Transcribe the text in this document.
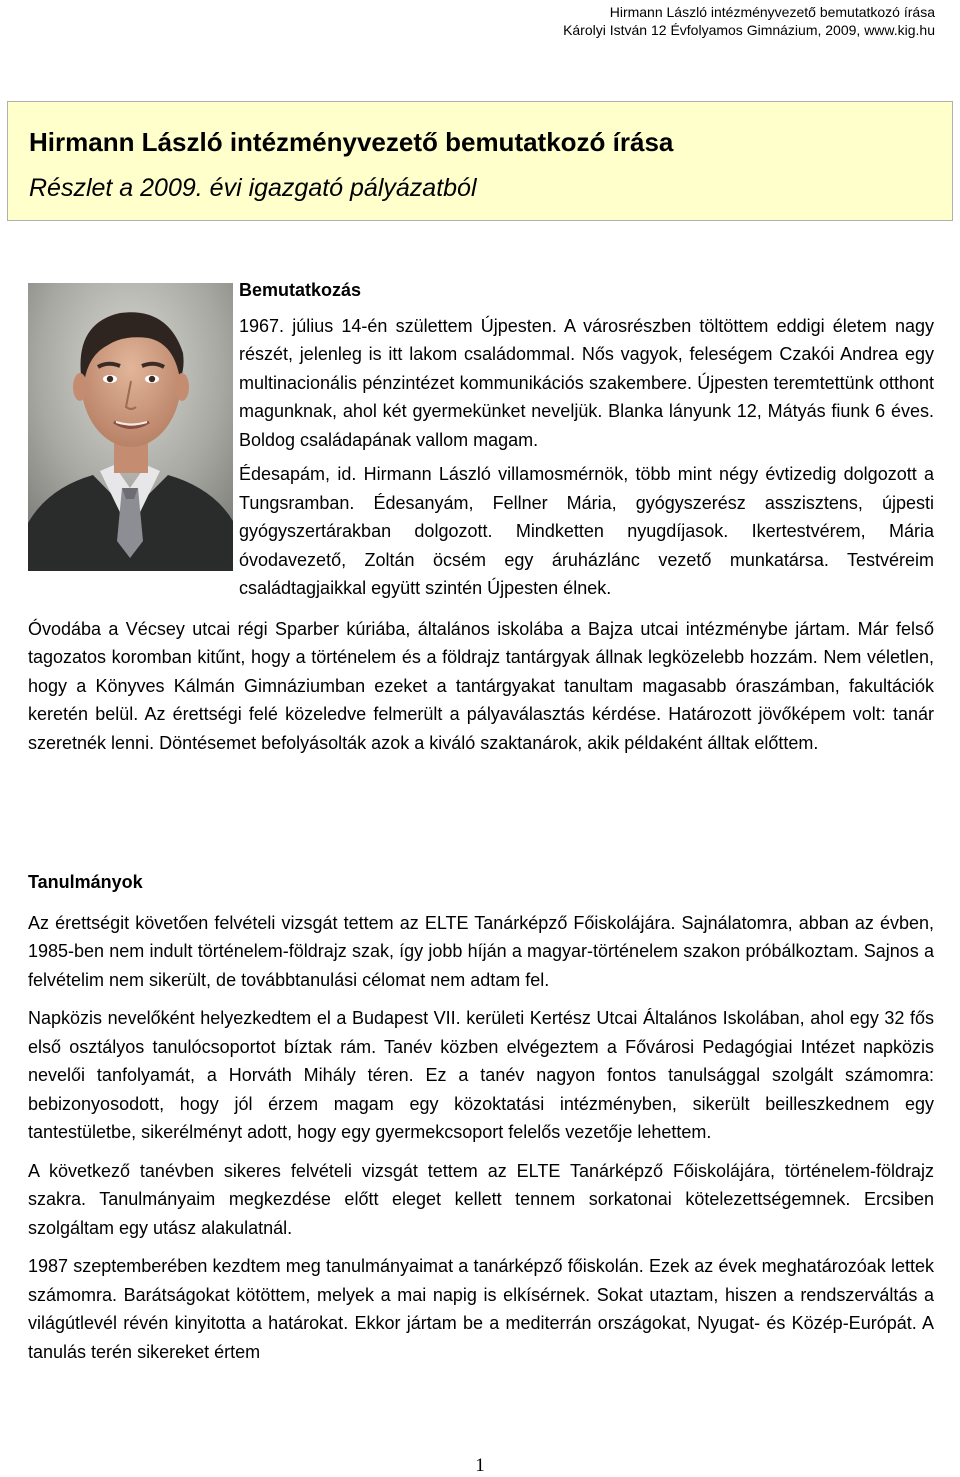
Hirmann László intézményvezető bemutatkozó írása
Károlyi István 12 Évfolyamos Gimnázium, 2009, www.kig.hu
Hirmann László intézményvezető bemutatkozó írása
Részlet a 2009. évi igazgató pályázatból

Bemutatkozás

1967. július 14-én születtem Újpesten. A városrészben töltöttem eddigi életem nagy részét, jelenleg is itt lakom családommal. Nős vagyok, feleségem Czakói Andrea egy multinacionális pénzintézet kommunikációs szakembere. Újpesten teremtettünk otthont magunknak, ahol két gyermekünket neveljük. Blanka lányunk 12, Mátyás fiunk 6 éves. Boldog családapának vallom magam.

Édesapám, id. Hirmann László villamosmérnök, több mint négy évtizedig dolgozott a Tungsramban. Édesanyám, Fellner Mária, gyógyszerész asszisztens, újpesti gyógyszertárakban dolgozott. Mindketten nyugdíjasok. Ikertestvérem, Mária óvodavezető, Zoltán öcsém egy áruházlánc vezető munkatársa. Testvéreim családtagjaikkal együtt szintén Újpesten élnek.

Óvodába a Vécsey utcai régi Sparber kúriába, általános iskolába a Bajza utcai intézménybe jártam. Már felső tagozatos koromban kitűnt, hogy a történelem és a földrajz tantárgyak állnak legközelebb hozzám. Nem véletlen, hogy a Könyves Kálmán Gimnáziumban ezeket a tantárgyakat tanultam magasabb óraszámban, fakultációk keretén belül. Az érettségi felé közeledve felmerült a pályaválasztás kérdése. Határozott jövőképem volt: tanár szeretnék lenni. Döntésemet befolyásolták azok a kiváló szaktanárok, akik példaként álltak előttem.

Tanulmányok

Az érettségit követően felvételi vizsgát tettem az ELTE Tanárképző Főiskolájára. Sajnálatomra, abban az évben, 1985-ben nem indult történelem-földrajz szak, így jobb híján a magyar-történelem szakon próbálkoztam. Sajnos a felvételim nem sikerült, de továbbtanulási célomat nem adtam fel.

Napközis nevelőként helyezkedtem el a Budapest VII. kerületi Kertész Utcai Általános Iskolában, ahol egy 32 fős első osztályos tanulócsoportot bíztak rám. Tanév közben elvégeztem a Fővárosi Pedagógiai Intézet napközis nevelői tanfolyamát, a Horváth Mihály téren. Ez a tanév nagyon fontos tanulsággal szolgált számomra: bebizonyosodott, hogy jól érzem magam egy közoktatási intézményben, sikerült beilleszkednem egy tantestületbe, sikerélményt adott, hogy egy gyermekcsoport felelős vezetője lehettem.

A következő tanévben sikeres felvételi vizsgát tettem az ELTE Tanárképző Főiskolájára, történelem-földrajz szakra. Tanulmányaim megkezdése előtt eleget kellett tennem sorkatonai kötelezettségemnek. Ercsiben szolgáltam egy utász alakulatnál.

1987 szeptemberében kezdtem meg tanulmányaimat a tanárképző főiskolán. Ezek az évek meghatározóak lettek számomra. Barátságokat kötöttem, melyek a mai napig is elkísérnek. Sokat utaztam, hiszen a rendszerváltás a világútlevél révén kinyitotta a határokat. Ekkor jártam be a mediterrán országokat, Nyugat- és Közép-Európát. A tanulás terén sikereket értem

1
